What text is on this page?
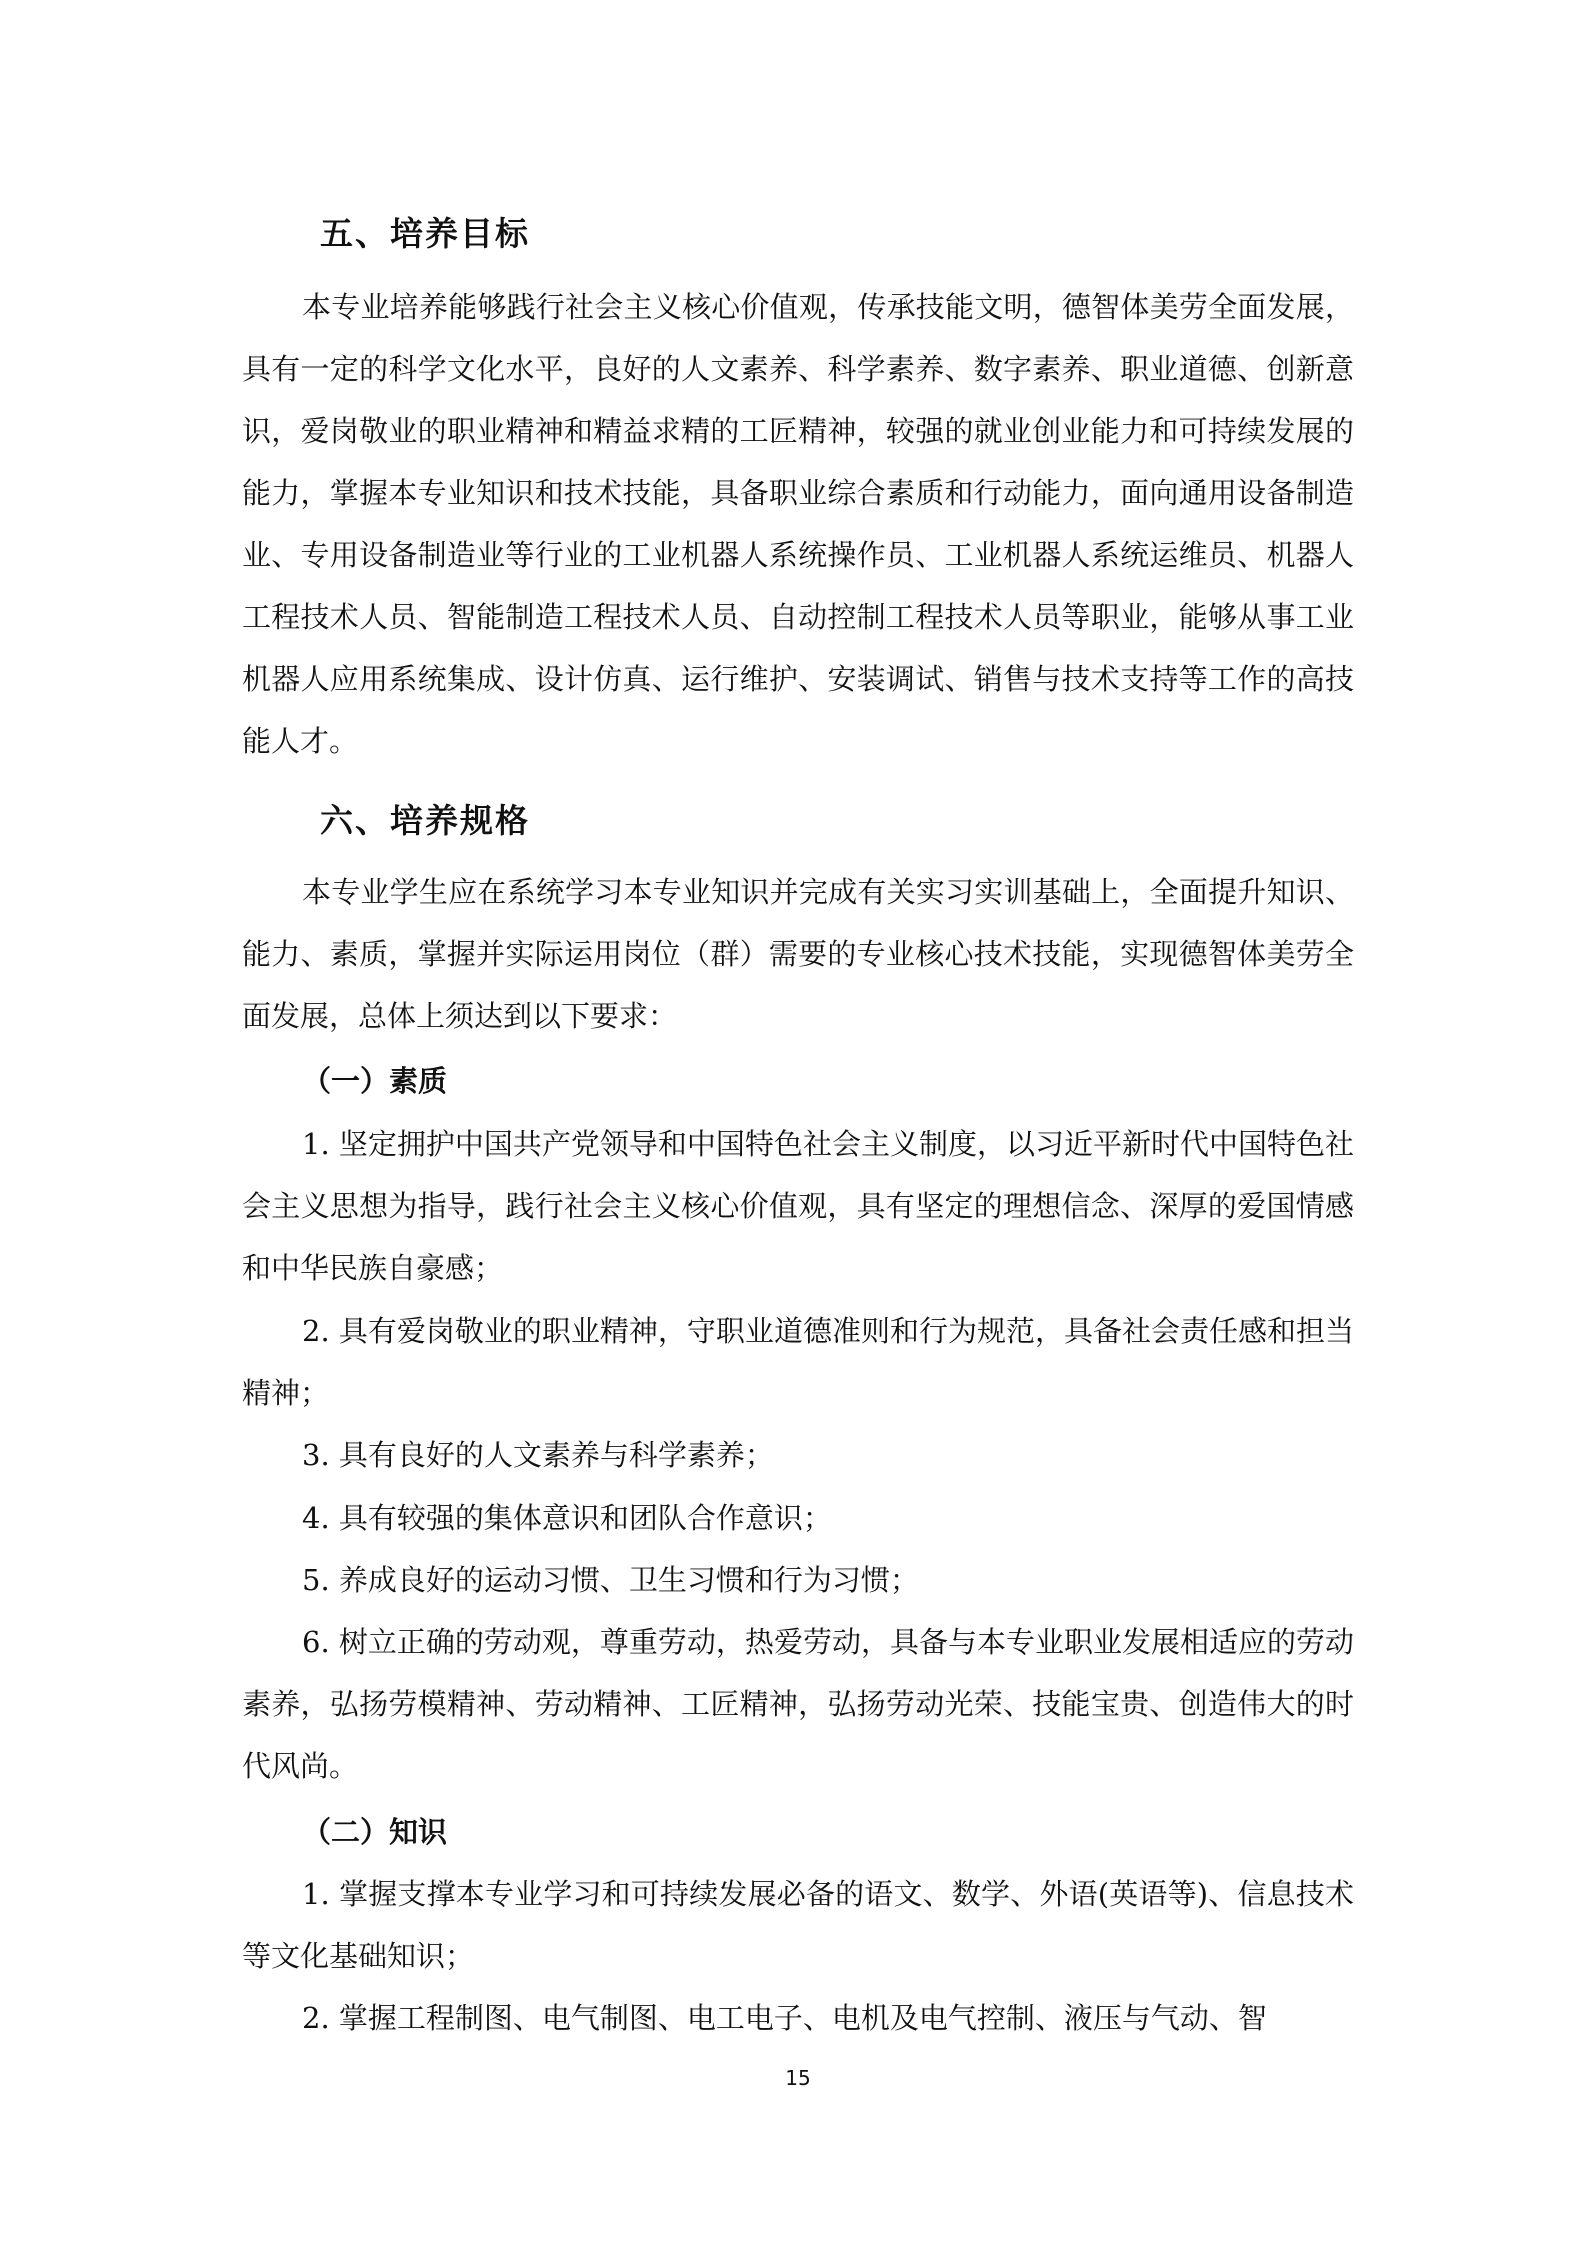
五、培养目标

本专业培养能够践行社会主义核心价值观，传承技能文明，德智体美劳全面发展，具有一定的科学文化水平，良好的人文素养、科学素养、数字素养、职业道德、创新意识，爱岗敬业的职业精神和精益求精的工匠精神，较强的就业创业能力和可持续发展的能力，掌握本专业知识和技术技能，具备职业综合素质和行动能力，面向通用设备制造业、专用设备制造业等行业的工业机器人系统操作员、工业机器人系统运维员、机器人工程技术人员、智能制造工程技术人员、自动控制工程技术人员等职业，能够从事工业机器人应用系统集成、设计仿真、运行维护、安装调试、销售与技术支持等工作的高技能人才。

六、培养规格

本专业学生应在系统学习本专业知识并完成有关实习实训基础上，全面提升知识、能力、素质，掌握并实际运用岗位（群）需要的专业核心技术技能，实现德智体美劳全面发展，总体上须达到以下要求：

（一）素质

1. 坚定拥护中国共产党领导和中国特色社会主义制度，以习近平新时代中国特色社会主义思想为指导，践行社会主义核心价值观，具有坚定的理想信念、深厚的爱国情感和中华民族自豪感；

2. 具有爱岗敬业的职业精神，守职业道德准则和行为规范，具备社会责任感和担当精神；

3. 具有良好的人文素养与科学素养；

4. 具有较强的集体意识和团队合作意识；

5. 养成良好的运动习惯、卫生习惯和行为习惯；

6. 树立正确的劳动观，尊重劳动，热爱劳动，具备与本专业职业发展相适应的劳动素养，弘扬劳模精神、劳动精神、工匠精神，弘扬劳动光荣、技能宝贵、创造伟大的时代风尚。

（二）知识

1. 掌握支撑本专业学习和可持续发展必备的语文、数学、外语(英语等)、信息技术等文化基础知识；

2. 掌握工程制图、电气制图、电工电子、电机及电气控制、液压与气动、智

15
